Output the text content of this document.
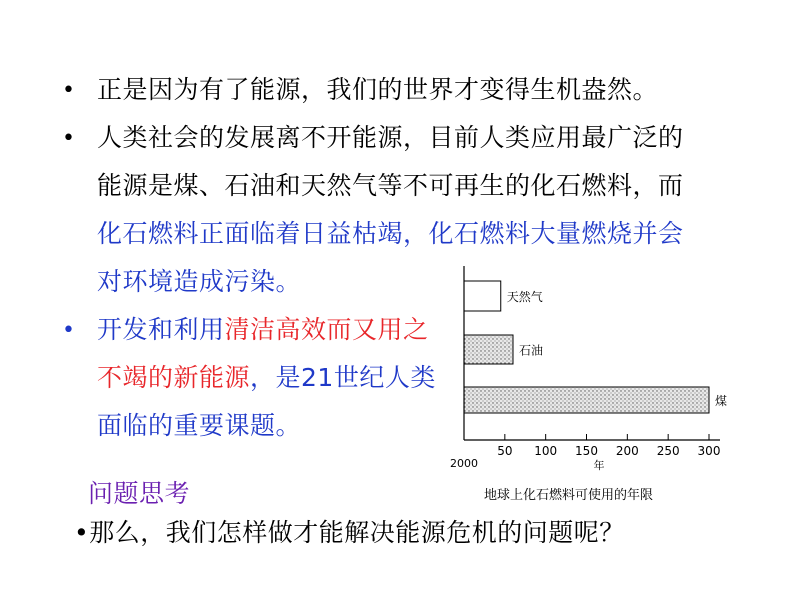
•
•
•
正是因为有了能源，我们的世界才变得生机盎然。
人类社会的发展离不开能源，目前人类应用最广泛的
能源是煤、石油和天然气等不可再生的化石燃料，而
化石燃料正面临着日益枯竭，化石燃料大量燃烧并会
对环境造成污染。
开发和利用清洁高效而又用之
不竭的新能源，是21世纪人类
面临的重要课题。
问题思考
•那么，我们怎样做才能解决能源危机的问题呢？
天然气
石油
煤
50 100 150 200 250 300
2000	年
地球上化石燃料可使用的年限
